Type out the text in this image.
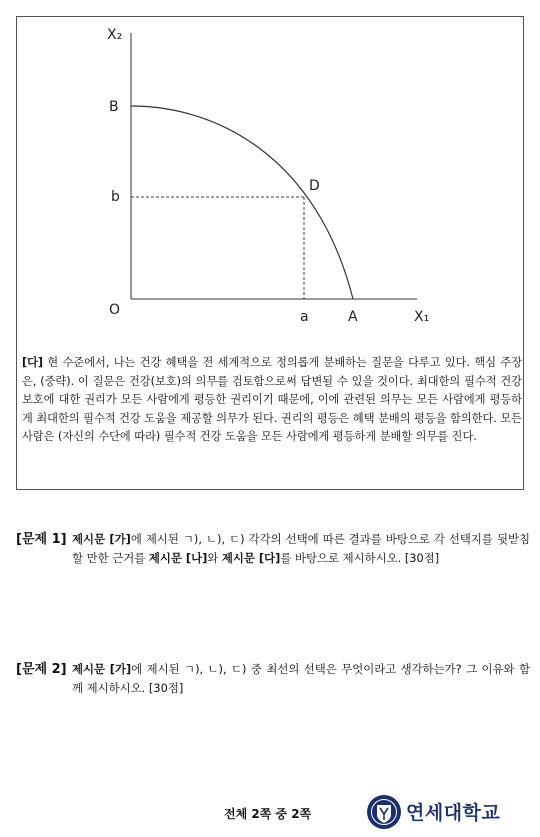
X₂
B
b
D
O	a	A	X₁
[다] 현 수준에서, 나는 건강 혜택을 전 세계적으로 정의롭게 분배하는 질문을 다루고 있다. 핵심 주장은, (중략). 이 질문은 건강(보호)의 의무를 검토함으로써 답변될 수 있을 것이다. 최대한의 필수적 건강보호에 대한 권리가 모든 사람에게 평등한 권리이기 때문에, 이에 관련된 의무는 모든 사람에게 평등하게 최대한의 필수적 건강 도움을 제공할 의무가 된다. 권리의 평등은 혜택 분배의 평등을 함의한다. 모든 사람은 (자신의 수단에 따라) 필수적 건강 도움을 모든 사람에게 평등하게 분배할 의무를 진다.
[문제 1] 제시문 [가]에 제시된 ㄱ), ㄴ), ㄷ) 각각의 선택에 따른 결과를 바탕으로 각 선택지를 뒷받침할 만한 근거를 제시문 [나]와 제시문 [다]를 바탕으로 제시하시오. [30점]
[문제 2] 제시문 [가]에 제시된 ㄱ), ㄴ), ㄷ) 중 최선의 선택은 무엇이라고 생각하는가? 그 이유와 함께 제시하시오. [30점]
전체 2쪽 중 2쪽	연세대학교
